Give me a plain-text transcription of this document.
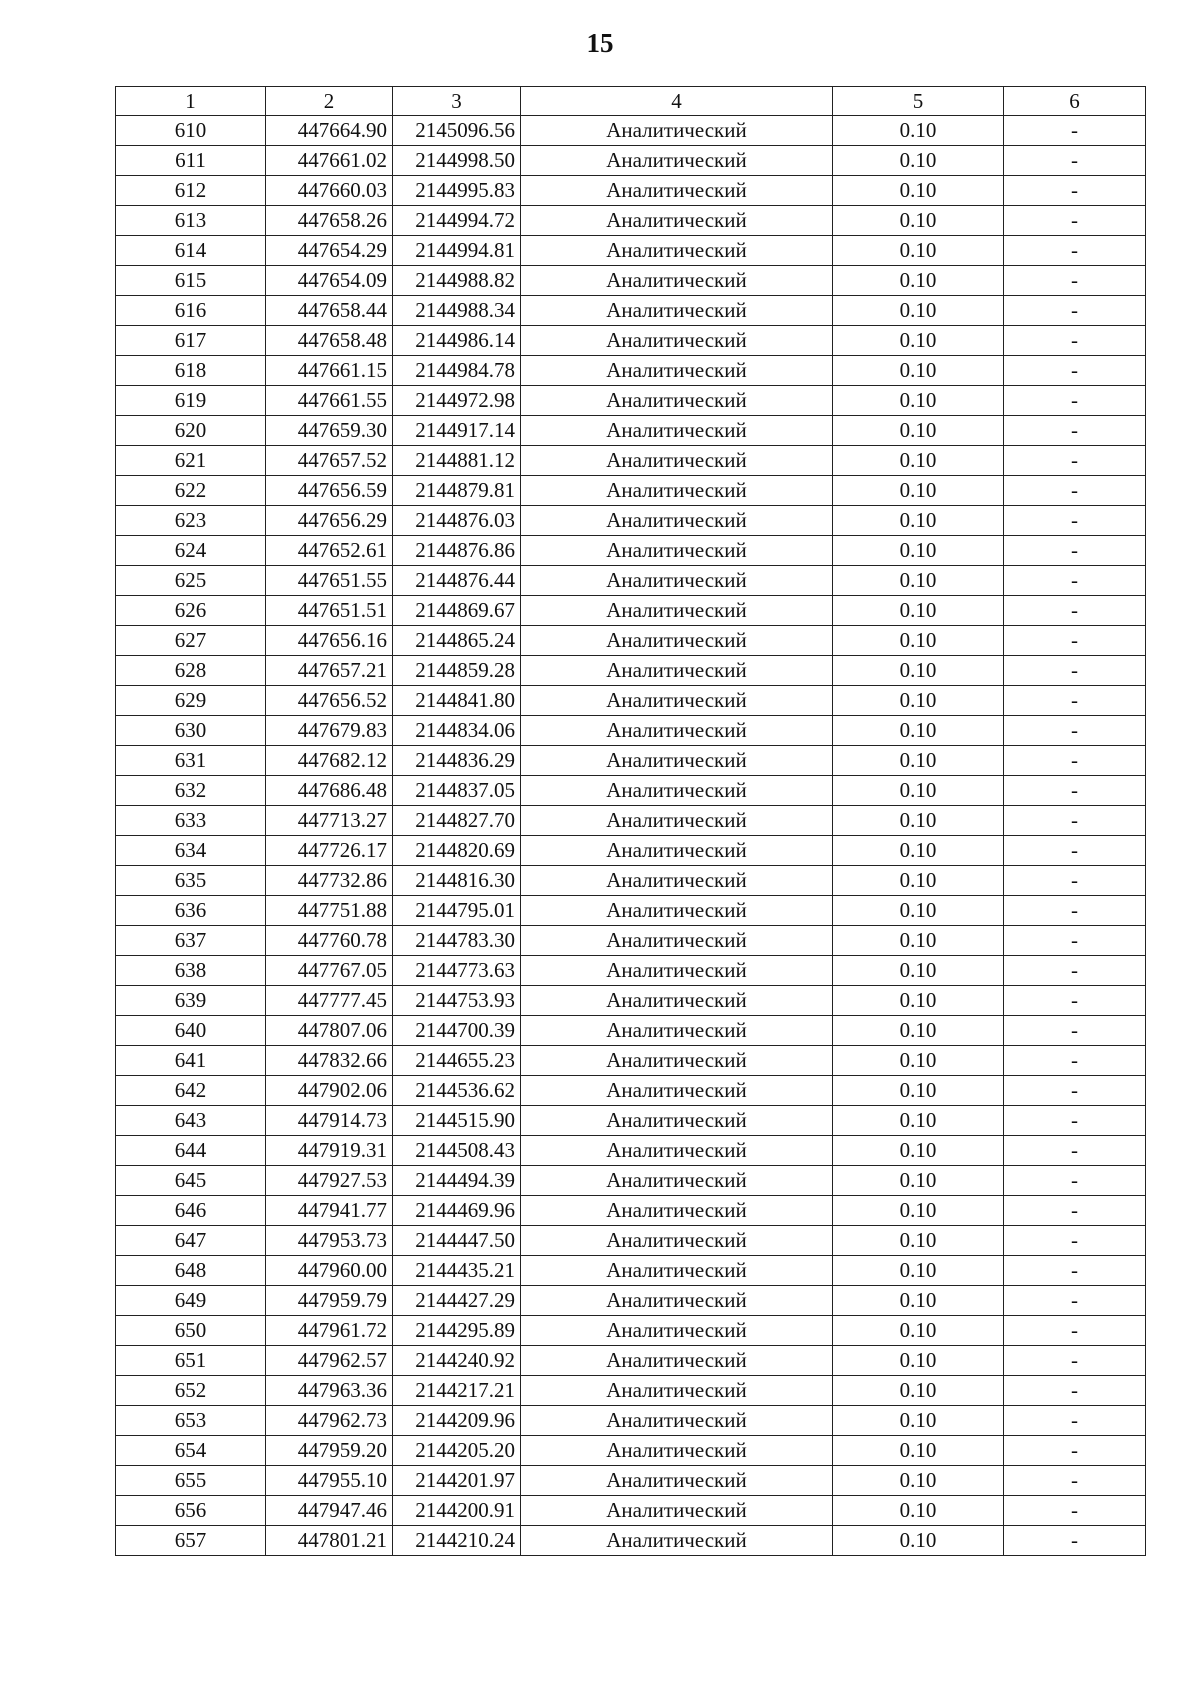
15
1	2	3	4	5	6
610	447664.90	2145096.56	Аналитический	0.10	-
611	447661.02	2144998.50	Аналитический	0.10	-
612	447660.03	2144995.83	Аналитический	0.10	-
613	447658.26	2144994.72	Аналитический	0.10	-
614	447654.29	2144994.81	Аналитический	0.10	-
615	447654.09	2144988.82	Аналитический	0.10	-
616	447658.44	2144988.34	Аналитический	0.10	-
617	447658.48	2144986.14	Аналитический	0.10	-
618	447661.15	2144984.78	Аналитический	0.10	-
619	447661.55	2144972.98	Аналитический	0.10	-
620	447659.30	2144917.14	Аналитический	0.10	-
621	447657.52	2144881.12	Аналитический	0.10	-
622	447656.59	2144879.81	Аналитический	0.10	-
623	447656.29	2144876.03	Аналитический	0.10	-
624	447652.61	2144876.86	Аналитический	0.10	-
625	447651.55	2144876.44	Аналитический	0.10	-
626	447651.51	2144869.67	Аналитический	0.10	-
627	447656.16	2144865.24	Аналитический	0.10	-
628	447657.21	2144859.28	Аналитический	0.10	-
629	447656.52	2144841.80	Аналитический	0.10	-
630	447679.83	2144834.06	Аналитический	0.10	-
631	447682.12	2144836.29	Аналитический	0.10	-
632	447686.48	2144837.05	Аналитический	0.10	-
633	447713.27	2144827.70	Аналитический	0.10	-
634	447726.17	2144820.69	Аналитический	0.10	-
635	447732.86	2144816.30	Аналитический	0.10	-
636	447751.88	2144795.01	Аналитический	0.10	-
637	447760.78	2144783.30	Аналитический	0.10	-
638	447767.05	2144773.63	Аналитический	0.10	-
639	447777.45	2144753.93	Аналитический	0.10	-
640	447807.06	2144700.39	Аналитический	0.10	-
641	447832.66	2144655.23	Аналитический	0.10	-
642	447902.06	2144536.62	Аналитический	0.10	-
643	447914.73	2144515.90	Аналитический	0.10	-
644	447919.31	2144508.43	Аналитический	0.10	-
645	447927.53	2144494.39	Аналитический	0.10	-
646	447941.77	2144469.96	Аналитический	0.10	-
647	447953.73	2144447.50	Аналитический	0.10	-
648	447960.00	2144435.21	Аналитический	0.10	-
649	447959.79	2144427.29	Аналитический	0.10	-
650	447961.72	2144295.89	Аналитический	0.10	-
651	447962.57	2144240.92	Аналитический	0.10	-
652	447963.36	2144217.21	Аналитический	0.10	-
653	447962.73	2144209.96	Аналитический	0.10	-
654	447959.20	2144205.20	Аналитический	0.10	-
655	447955.10	2144201.97	Аналитический	0.10	-
656	447947.46	2144200.91	Аналитический	0.10	-
657	447801.21	2144210.24	Аналитический	0.10	-
